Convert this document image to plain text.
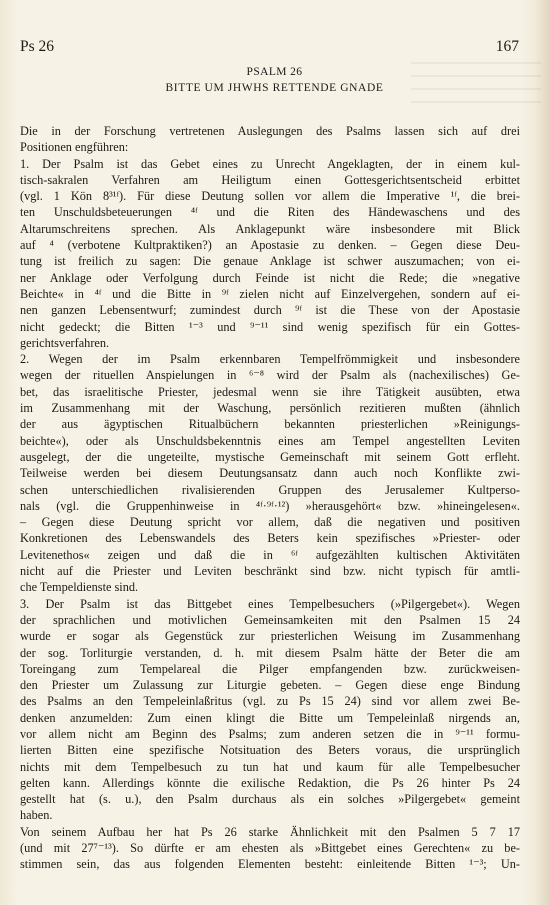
Ps 26	167
PSALM 26
BITTE UM JHWHS RETTENDE GNADE
Die in der Forschung vertretenen Auslegungen des Psalms lassen sich auf drei
Positionen engführen:
1. Der Psalm ist das Gebet eines zu Unrecht Angeklagten, der in einem kul-
tisch-sakralen Verfahren am Heiligtum einen Gottesgerichtsentscheid erbittet
(vgl. 1 Kön 8³¹ᶠ). Für diese Deutung sollen vor allem die Imperative ¹ᶠ, die brei-
ten Unschuldsbeteuerungen ⁴ᶠ und die Riten des Händewaschens und des
Altarumschreitens sprechen. Als Anklagepunkt wäre insbesondere mit Blick
auf ⁴ (verbotene Kultpraktiken?) an Apostasie zu denken. – Gegen diese Deu-
tung ist freilich zu sagen: Die genaue Anklage ist schwer auszumachen; von ei-
ner Anklage oder Verfolgung durch Feinde ist nicht die Rede; die »negative
Beichte« in ⁴ᶠ und die Bitte in ⁹ᶠ zielen nicht auf Einzelvergehen, sondern auf ei-
nen ganzen Lebensentwurf; zumindest durch ⁹ᶠ ist die These von der Apostasie
nicht gedeckt; die Bitten ¹⁻³ und ⁹⁻¹¹ sind wenig spezifisch für ein Gottes-
gerichtsverfahren.
2. Wegen der im Psalm erkennbaren Tempelfrömmigkeit und insbesondere
wegen der rituellen Anspielungen in ⁶⁻⁸ wird der Psalm als (nachexilisches) Ge-
bet, das israelitische Priester, jedesmal wenn sie ihre Tätigkeit ausübten, etwa
im Zusammenhang mit der Waschung, persönlich rezitieren mußten (ähnlich
der aus ägyptischen Ritualbüchern bekannten priesterlichen »Reinigungs-
beichte«), oder als Unschuldsbekenntnis eines am Tempel angestellten Leviten
ausgelegt, der die ungeteilte, mystische Gemeinschaft mit seinem Gott erfleht.
Teilweise werden bei diesem Deutungsansatz dann auch noch Konflikte zwi-
schen unterschiedlichen rivalisierenden Gruppen des Jerusalemer Kultperso-
nals (vgl. die Gruppenhinweise in ⁴ᶠ·⁹ᶠ·¹²) »herausgehört« bzw. »hineingelesen«.
– Gegen diese Deutung spricht vor allem, daß die negativen und positiven
Konkretionen des Lebenswandels des Beters kein spezifisches »Priester- oder
Levitenethos« zeigen und daß die in ⁶ᶠ aufgezählten kultischen Aktivitäten
nicht auf die Priester und Leviten beschränkt sind bzw. nicht typisch für amtli-
che Tempeldienste sind.
3. Der Psalm ist das Bittgebet eines Tempelbesuchers (»Pilgergebet«). Wegen
der sprachlichen und motivlichen Gemeinsamkeiten mit den Psalmen 15 24
wurde er sogar als Gegenstück zur priesterlichen Weisung im Zusammenhang
der sog. Torliturgie verstanden, d. h. mit diesem Psalm hätte der Beter die am
Toreingang zum Tempelareal die Pilger empfangenden bzw. zurückweisen-
den Priester um Zulassung zur Liturgie gebeten. – Gegen diese enge Bindung
des Psalms an den Tempeleinlaßritus (vgl. zu Ps 15 24) sind vor allem zwei Be-
denken anzumelden: Zum einen klingt die Bitte um Tempeleinlaß nirgends an,
vor allem nicht am Beginn des Psalms; zum anderen setzen die in ⁹⁻¹¹ formu-
lierten Bitten eine spezifische Notsituation des Beters voraus, die ursprünglich
nichts mit dem Tempelbesuch zu tun hat und kaum für alle Tempelbesucher
gelten kann. Allerdings könnte die exilische Redaktion, die Ps 26 hinter Ps 24
gestellt hat (s. u.), den Psalm durchaus als ein solches »Pilgergebet« gemeint
haben.
Von seinem Aufbau her hat Ps 26 starke Ähnlichkeit mit den Psalmen 5 7 17
(und mit 27⁷⁻¹³). So dürfte er am ehesten als »Bittgebet eines Gerechten« zu be-
stimmen sein, das aus folgenden Elementen besteht: einleitende Bitten ¹⁻³; Un-
